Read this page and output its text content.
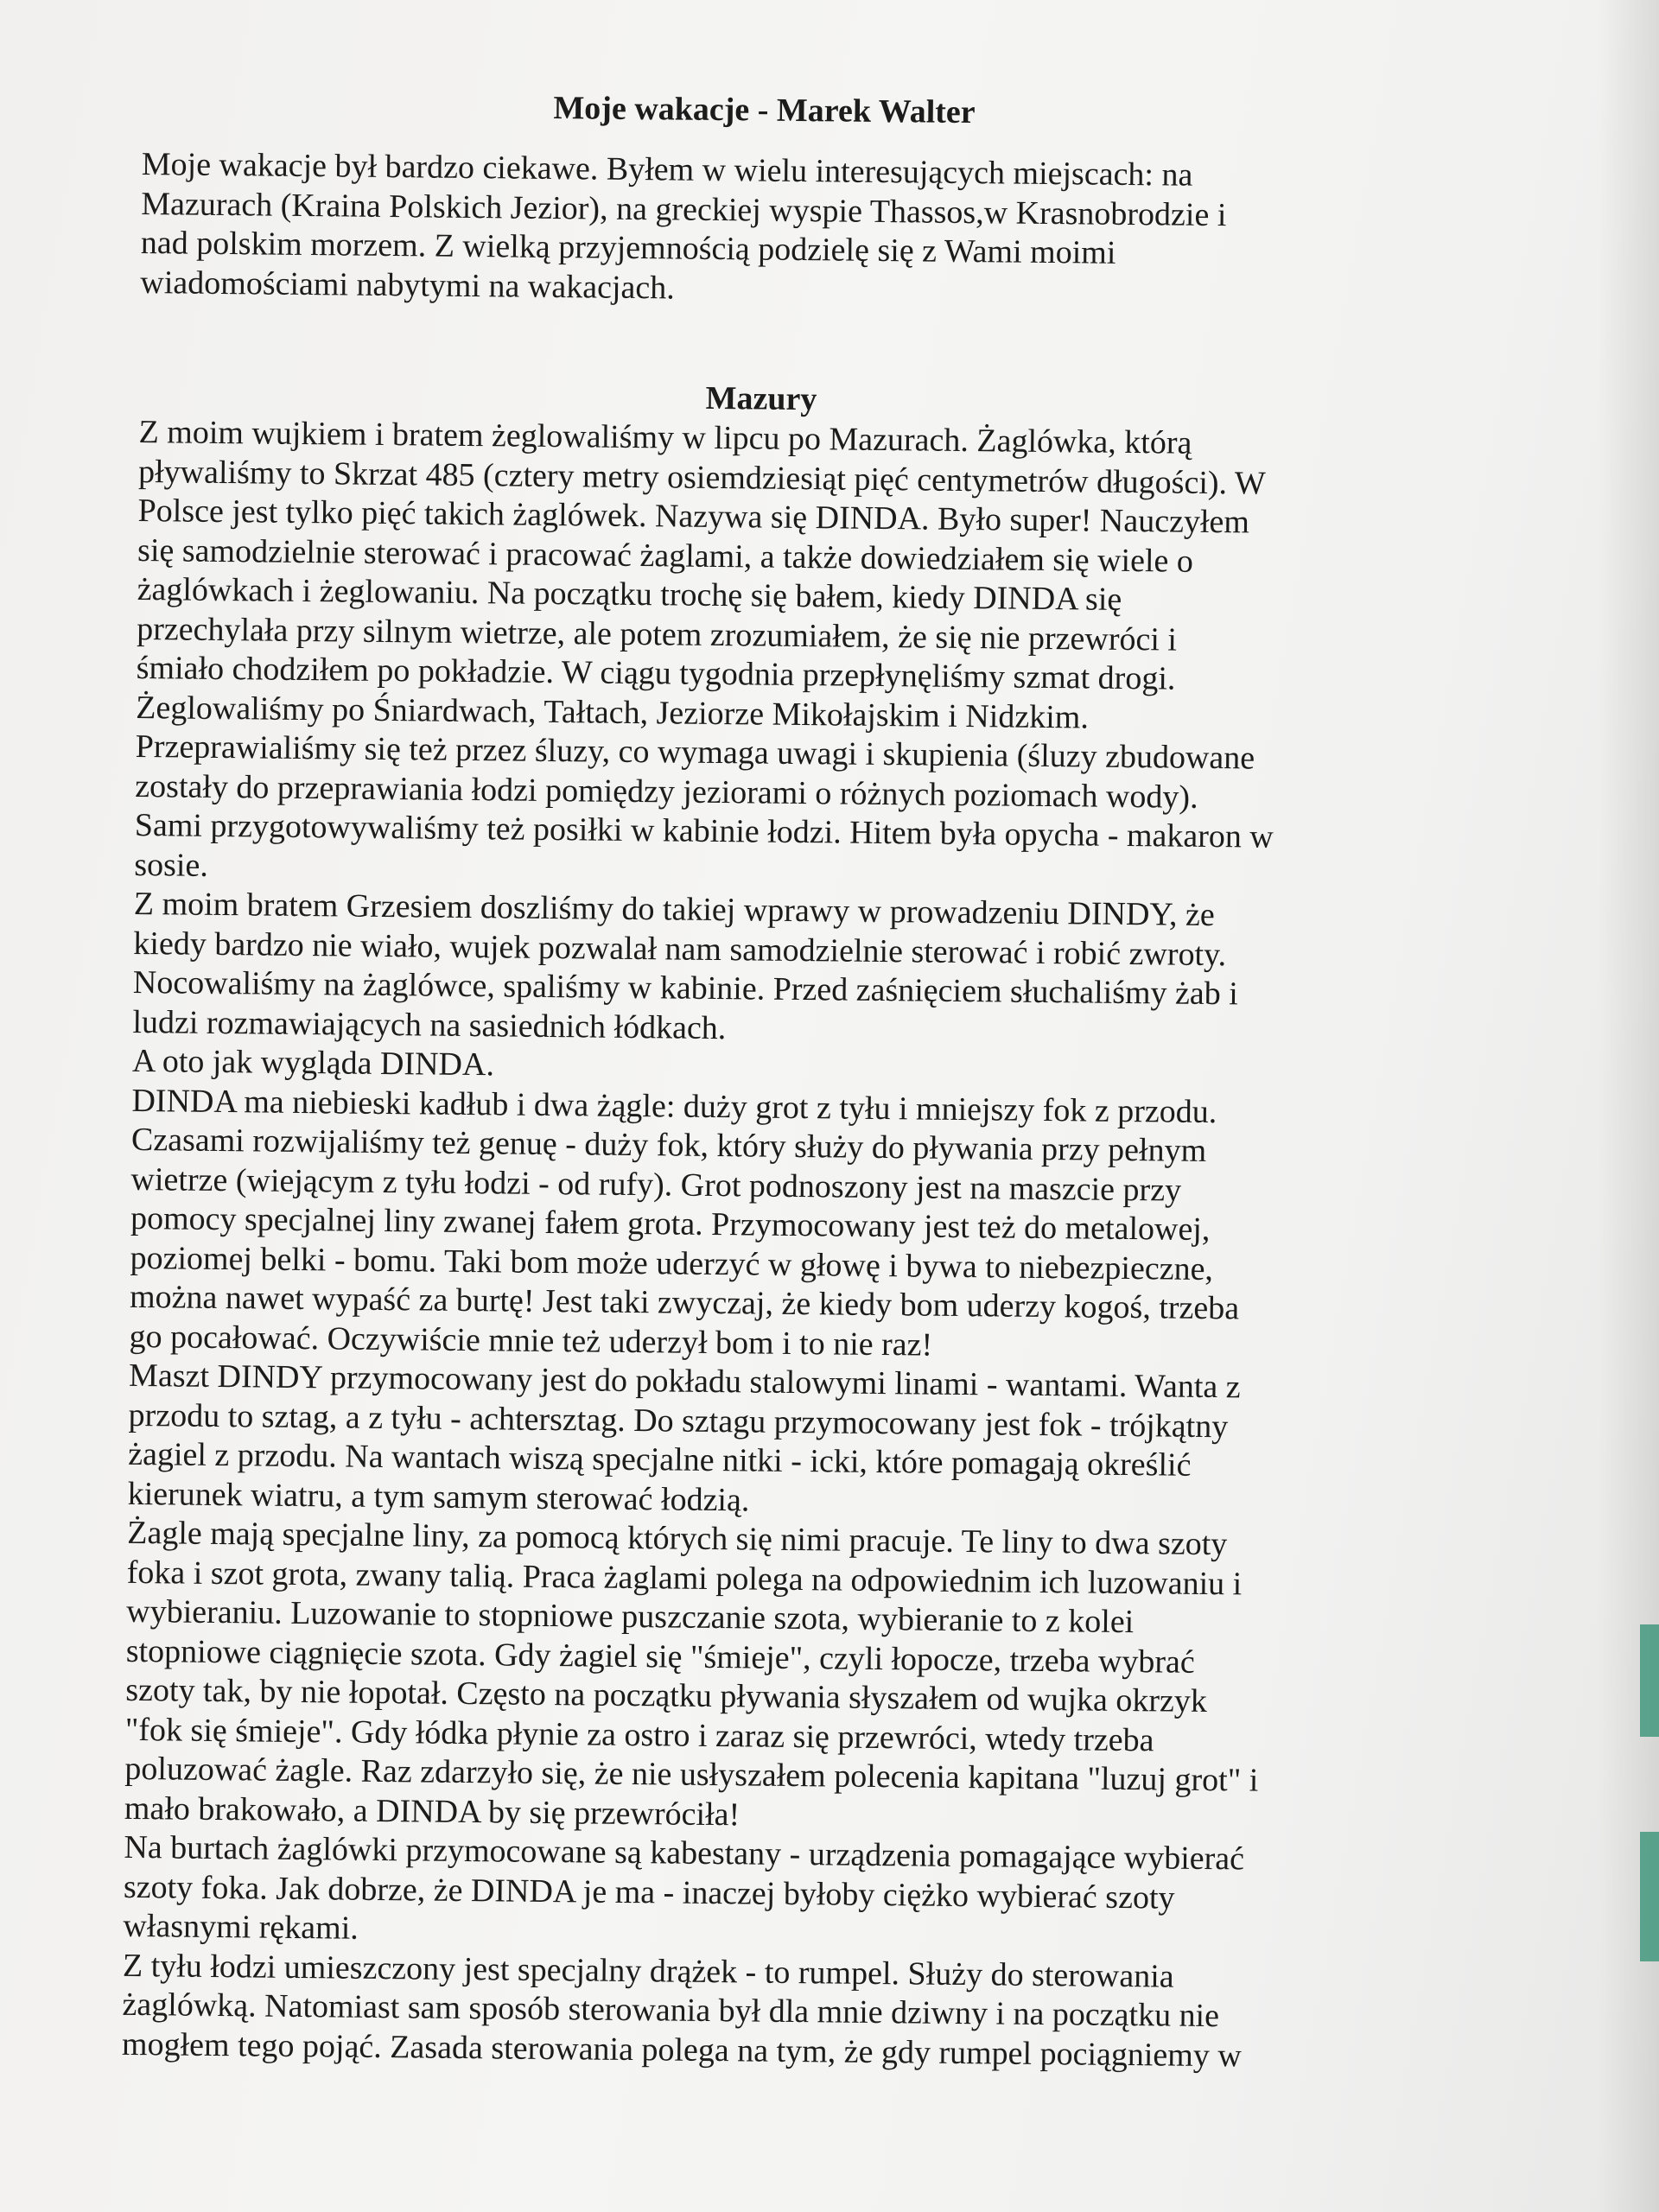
Moje wakacje - Marek Walter
Moje wakacje był bardzo ciekawe. Byłem w wielu interesujących miejscach: na
Mazurach (Kraina Polskich Jezior), na greckiej wyspie Thassos,w Krasnobrodzie i
nad polskim morzem. Z wielką przyjemnością podzielę się z Wami moimi
wiadomościami nabytymi na wakacjach.
Mazury
Z moim wujkiem i bratem żeglowaliśmy w lipcu po Mazurach. Żaglówka, którą
pływaliśmy to Skrzat 485 (cztery metry osiemdziesiąt pięć centymetrów długości). W
Polsce jest tylko pięć takich żaglówek. Nazywa się DINDA. Było super! Nauczyłem
się samodzielnie sterować i pracować żaglami, a także dowiedziałem się wiele o
żaglówkach i żeglowaniu. Na początku trochę się bałem, kiedy DINDA się
przechylała przy silnym wietrze, ale potem zrozumiałem, że się nie przewróci i
śmiało chodziłem po pokładzie. W ciągu tygodnia przepłynęliśmy szmat drogi.
Żeglowaliśmy po Śniardwach, Tałtach, Jeziorze Mikołajskim i Nidzkim.
Przeprawialiśmy się też przez śluzy, co wymaga uwagi i skupienia (śluzy zbudowane
zostały do przeprawiania łodzi pomiędzy jeziorami o różnych poziomach wody).
Sami przygotowywaliśmy też posiłki w kabinie łodzi. Hitem była opycha - makaron w
sosie.
Z moim bratem Grzesiem doszliśmy do takiej wprawy w prowadzeniu DINDY, że
kiedy bardzo nie wiało, wujek pozwalał nam samodzielnie sterować i robić zwroty.
Nocowaliśmy na żaglówce, spaliśmy w kabinie. Przed zaśnięciem słuchaliśmy żab i
ludzi rozmawiających na sasiednich łódkach.
A oto jak wygląda DINDA.
DINDA ma niebieski kadłub i dwa żągle: duży grot z tyłu i mniejszy fok z przodu.
Czasami rozwijaliśmy też genuę - duży fok, który służy do pływania przy pełnym
wietrze (wiejącym z tyłu łodzi - od rufy). Grot podnoszony jest na maszcie przy
pomocy specjalnej liny zwanej fałem grota. Przymocowany jest też do metalowej,
poziomej belki - bomu. Taki bom może uderzyć w głowę i bywa to niebezpieczne,
można nawet wypaść za burtę! Jest taki zwyczaj, że kiedy bom uderzy kogoś, trzeba
go pocałować. Oczywiście mnie też uderzył bom i to nie raz!
Maszt DINDY przymocowany jest do pokładu stalowymi linami - wantami. Wanta z
przodu to sztag, a z tyłu - achtersztag. Do sztagu przymocowany jest fok - trójkątny
żagiel z przodu. Na wantach wiszą specjalne nitki - icki, które pomagają określić
kierunek wiatru, a tym samym sterować łodzią.
Żagle mają specjalne liny, za pomocą których się nimi pracuje. Te liny to dwa szoty
foka i szot grota, zwany talią. Praca żaglami polega na odpowiednim ich luzowaniu i
wybieraniu. Luzowanie to stopniowe puszczanie szota, wybieranie to z kolei
stopniowe ciągnięcie szota. Gdy żagiel się "śmieje", czyli łopocze, trzeba wybrać
szoty tak, by nie łopotał. Często na początku pływania słyszałem od wujka okrzyk
"fok się śmieje". Gdy łódka płynie za ostro i zaraz się przewróci, wtedy trzeba
poluzować żagle. Raz zdarzyło się, że nie usłyszałem polecenia kapitana "luzuj grot" i
mało brakowało, a DINDA by się przewróciła!
Na burtach żaglówki przymocowane są kabestany - urządzenia pomagające wybierać
szoty foka. Jak dobrze, że DINDA je ma - inaczej byłoby ciężko wybierać szoty
własnymi rękami.
Z tyłu łodzi umieszczony jest specjalny drążek - to rumpel. Służy do sterowania
żaglówką. Natomiast sam sposób sterowania był dla mnie dziwny i na początku nie
mogłem tego pojąć. Zasada sterowania polega na tym, że gdy rumpel pociągniemy w
